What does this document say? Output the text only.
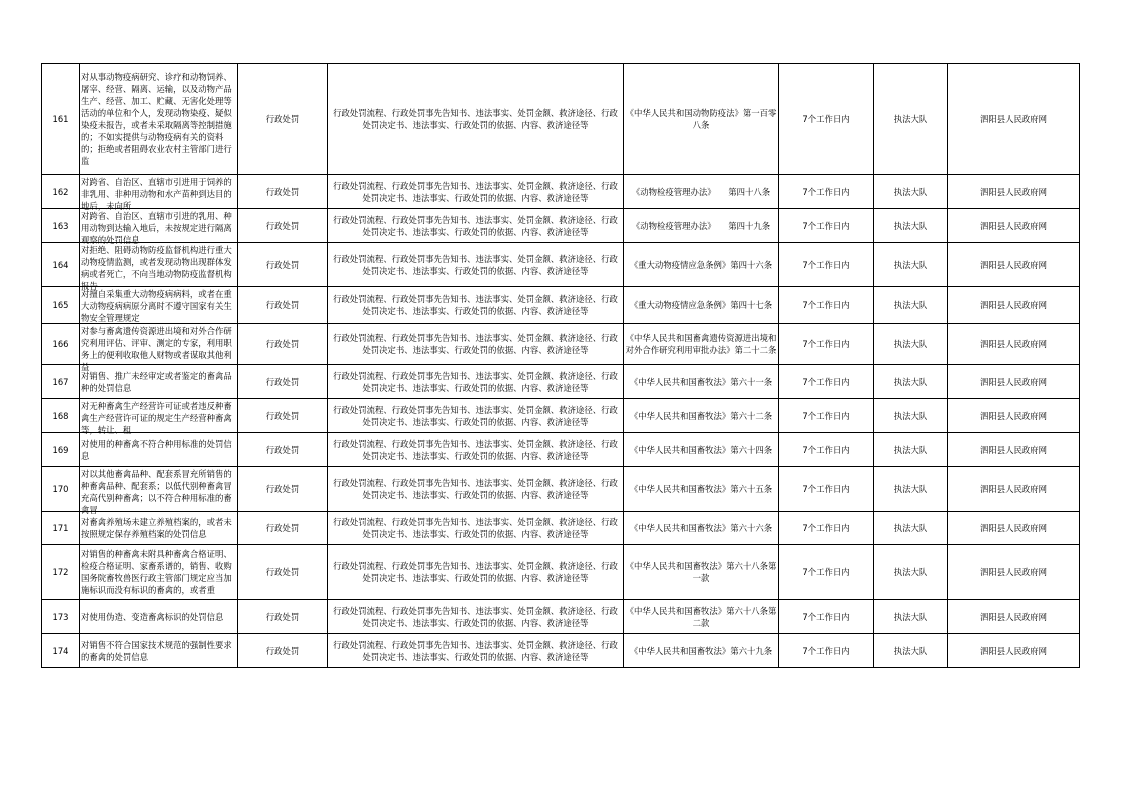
161	对从事动物疫病研究、诊疗和动物饲养、屠宰、经营、隔离、运输，以及动物产品生产、经营、加工、贮藏、无害化处理等活动的单位和个人，发现动物染疫、疑似染疫未报告，或者未采取隔离等控制措施的；不如实提供与动物疫病有关的资料的；拒绝或者阻碍农业农村主管部门进行监	行政处罚	行政处罚流程、行政处罚事先告知书、违法事实、处罚金额、救济途径、行政处罚决定书、违法事实、行政处罚的依据、内容、救济途径等	《中华人民共和国动物防疫法》第一百零八条	7个工作日内	执法大队	泗阳县人民政府网

162	对跨省、自治区、直辖市引进用于饲养的非乳用、非种用动物和水产苗种到达目的地后，未向所	行政处罚	行政处罚流程、行政处罚事先告知书、违法事实、处罚金额、救济途径、行政处罚决定书、违法事实、行政处罚的依据、内容、救济途径等	《动物检疫管理办法》　　第四十八条	7个工作日内	执法大队	泗阳县人民政府网

163	对跨省、自治区、直辖市引进的乳用、种用动物到达输入地后，未按规定进行隔离观察的处罚信息	行政处罚	行政处罚流程、行政处罚事先告知书、违法事实、处罚金额、救济途径、行政处罚决定书、违法事实、行政处罚的依据、内容、救济途径等	《动物检疫管理办法》　　第四十九条	7个工作日内	执法大队	泗阳县人民政府网

164	对拒绝、阻碍动物防疫监督机构进行重大动物疫情监测，或者发现动物出现群体发病或者死亡，不向当地动物防疫监督机构报告	行政处罚	行政处罚流程、行政处罚事先告知书、违法事实、处罚金额、救济途径、行政处罚决定书、违法事实、行政处罚的依据、内容、救济途径等	《重大动物疫情应急条例》第四十六条	7个工作日内	执法大队	泗阳县人民政府网

165	对擅自采集重大动物疫病病料，或者在重大动物疫病病原分离时不遵守国家有关生物安全管理规定	行政处罚	行政处罚流程、行政处罚事先告知书、违法事实、处罚金额、救济途径、行政处罚决定书、违法事实、行政处罚的依据、内容、救济途径等	《重大动物疫情应急条例》第四十七条	7个工作日内	执法大队	泗阳县人民政府网

166	对参与畜禽遗传资源进出境和对外合作研究利用评估、评审、测定的专家，利用职务上的便利收取他人财物或者谋取其他利益	行政处罚	行政处罚流程、行政处罚事先告知书、违法事实、处罚金额、救济途径、行政处罚决定书、违法事实、行政处罚的依据、内容、救济途径等	《中华人民共和国畜禽遗传资源进出境和对外合作研究利用审批办法》第二十二条	7个工作日内	执法大队	泗阳县人民政府网

167	对销售、推广未经审定或者鉴定的畜禽品种的处罚信息	行政处罚	行政处罚流程、行政处罚事先告知书、违法事实、处罚金额、救济途径、行政处罚决定书、违法事实、行政处罚的依据、内容、救济途径等	《中华人民共和国畜牧法》第六十一条	7个工作日内	执法大队	泗阳县人民政府网

168	对无种畜禽生产经营许可证或者违反种畜禽生产经营许可证的规定生产经营种畜禽等，转让、租	行政处罚	行政处罚流程、行政处罚事先告知书、违法事实、处罚金额、救济途径、行政处罚决定书、违法事实、行政处罚的依据、内容、救济途径等	《中华人民共和国畜牧法》第六十二条	7个工作日内	执法大队	泗阳县人民政府网

169	对使用的种畜禽不符合种用标准的处罚信息	行政处罚	行政处罚流程、行政处罚事先告知书、违法事实、处罚金额、救济途径、行政处罚决定书、违法事实、行政处罚的依据、内容、救济途径等	《中华人民共和国畜牧法》第六十四条	7个工作日内	执法大队	泗阳县人民政府网

170	对以其他畜禽品种、配套系冒充所销售的种畜禽品种、配套系；以低代别种畜禽冒充高代别种畜禽；以不符合种用标准的畜禽冒	行政处罚	行政处罚流程、行政处罚事先告知书、违法事实、处罚金额、救济途径、行政处罚决定书、违法事实、行政处罚的依据、内容、救济途径等	《中华人民共和国畜牧法》第六十五条	7个工作日内	执法大队	泗阳县人民政府网

171	对畜禽养殖场未建立养殖档案的，或者未按照规定保存养殖档案的处罚信息	行政处罚	行政处罚流程、行政处罚事先告知书、违法事实、处罚金额、救济途径、行政处罚决定书、违法事实、行政处罚的依据、内容、救济途径等	《中华人民共和国畜牧法》第六十六条	7个工作日内	执法大队	泗阳县人民政府网

172	对销售的种畜禽未附具种畜禽合格证明、检疫合格证明、家畜系谱的，销售、收购国务院畜牧兽医行政主管部门规定应当加施标识而没有标识的畜禽的，或者重	行政处罚	行政处罚流程、行政处罚事先告知书、违法事实、处罚金额、救济途径、行政处罚决定书、违法事实、行政处罚的依据、内容、救济途径等	《中华人民共和国畜牧法》第六十八条第一款	7个工作日内	执法大队	泗阳县人民政府网

173	对使用伪造、变造畜禽标识的处罚信息	行政处罚	行政处罚流程、行政处罚事先告知书、违法事实、处罚金额、救济途径、行政处罚决定书、违法事实、行政处罚的依据、内容、救济途径等	《中华人民共和国畜牧法》第六十八条第二款	7个工作日内	执法大队	泗阳县人民政府网

174	对销售不符合国家技术规范的强制性要求的畜禽的处罚信息	行政处罚	行政处罚流程、行政处罚事先告知书、违法事实、处罚金额、救济途径、行政处罚决定书、违法事实、行政处罚的依据、内容、救济途径等	《中华人民共和国畜牧法》第六十九条	7个工作日内	执法大队	泗阳县人民政府网
